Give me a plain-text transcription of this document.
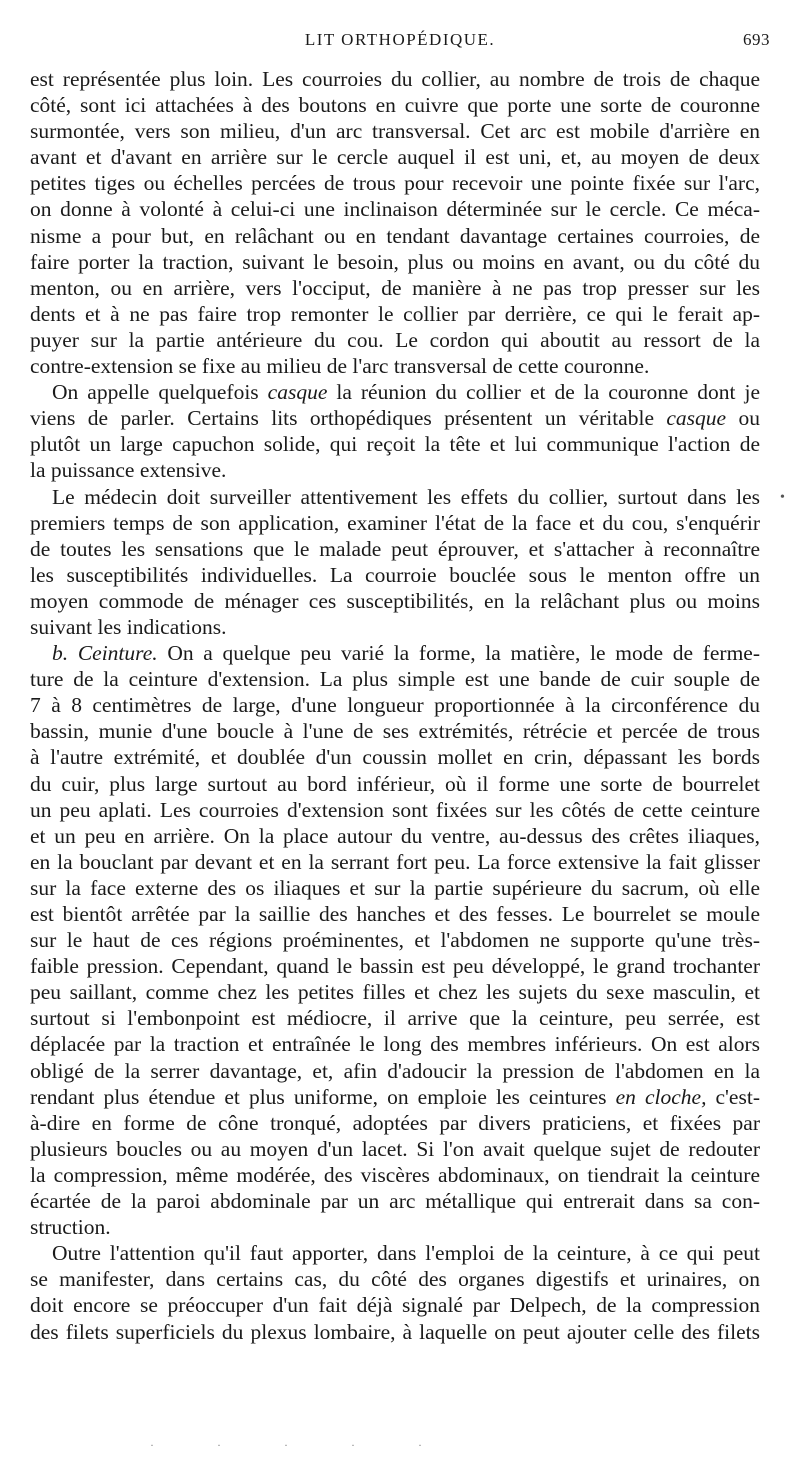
LIT ORTHOPÉDIQUE.	693
est représentée plus loin. Les courroies du collier, au nombre de trois de chaque
côté, sont ici attachées à des boutons en cuivre que porte une sorte de couronne
surmontée, vers son milieu, d'un arc transversal. Cet arc est mobile d'arrière en
avant et d'avant en arrière sur le cercle auquel il est uni, et, au moyen de deux
petites tiges ou échelles percées de trous pour recevoir une pointe fixée sur l'arc,
on donne à volonté à celui-ci une inclinaison déterminée sur le cercle. Ce méca-
nisme a pour but, en relâchant ou en tendant davantage certaines courroies, de
faire porter la traction, suivant le besoin, plus ou moins en avant, ou du côté du
menton, ou en arrière, vers l'occiput, de manière à ne pas trop presser sur les
dents et à ne pas faire trop remonter le collier par derrière, ce qui le ferait ap-
puyer sur la partie antérieure du cou. Le cordon qui aboutit au ressort de la
contre-extension se fixe au milieu de l'arc transversal de cette couronne.
On appelle quelquefois casque la réunion du collier et de la couronne dont je
viens de parler. Certains lits orthopédiques présentent un véritable casque ou
plutôt un large capuchon solide, qui reçoit la tête et lui communique l'action de
la puissance extensive.
Le médecin doit surveiller attentivement les effets du collier, surtout dans les
premiers temps de son application, examiner l'état de la face et du cou, s'enquérir
de toutes les sensations que le malade peut éprouver, et s'attacher à reconnaître
les susceptibilités individuelles. La courroie bouclée sous le menton offre un
moyen commode de ménager ces susceptibilités, en la relâchant plus ou moins
suivant les indications.
b. Ceinture. On a quelque peu varié la forme, la matière, le mode de ferme-
ture de la ceinture d'extension. La plus simple est une bande de cuir souple de
7 à 8 centimètres de large, d'une longueur proportionnée à la circonférence du
bassin, munie d'une boucle à l'une de ses extrémités, rétrécie et percée de trous
à l'autre extrémité, et doublée d'un coussin mollet en crin, dépassant les bords
du cuir, plus large surtout au bord inférieur, où il forme une sorte de bourrelet
un peu aplati. Les courroies d'extension sont fixées sur les côtés de cette ceinture
et un peu en arrière. On la place autour du ventre, au-dessus des crêtes iliaques,
en la bouclant par devant et en la serrant fort peu. La force extensive la fait glisser
sur la face externe des os iliaques et sur la partie supérieure du sacrum, où elle
est bientôt arrêtée par la saillie des hanches et des fesses. Le bourrelet se moule
sur le haut de ces régions proéminentes, et l'abdomen ne supporte qu'une très-
faible pression. Cependant, quand le bassin est peu développé, le grand trochanter
peu saillant, comme chez les petites filles et chez les sujets du sexe masculin, et
surtout si l'embonpoint est médiocre, il arrive que la ceinture, peu serrée, est
déplacée par la traction et entraînée le long des membres inférieurs. On est alors
obligé de la serrer davantage, et, afin d'adoucir la pression de l'abdomen en la
rendant plus étendue et plus uniforme, on emploie les ceintures en cloche, c'est-
à-dire en forme de cône tronqué, adoptées par divers praticiens, et fixées par
plusieurs boucles ou au moyen d'un lacet. Si l'on avait quelque sujet de redouter
la compression, même modérée, des viscères abdominaux, on tiendrait la ceinture
écartée de la paroi abdominale par un arc métallique qui entrerait dans sa con-
struction.
Outre l'attention qu'il faut apporter, dans l'emploi de la ceinture, à ce qui peut
se manifester, dans certains cas, du côté des organes digestifs et urinaires, on
doit encore se préoccuper d'un fait déjà signalé par Delpech, de la compression
des filets superficiels du plexus lombaire, à laquelle on peut ajouter celle des filets
•
· · · · ·
